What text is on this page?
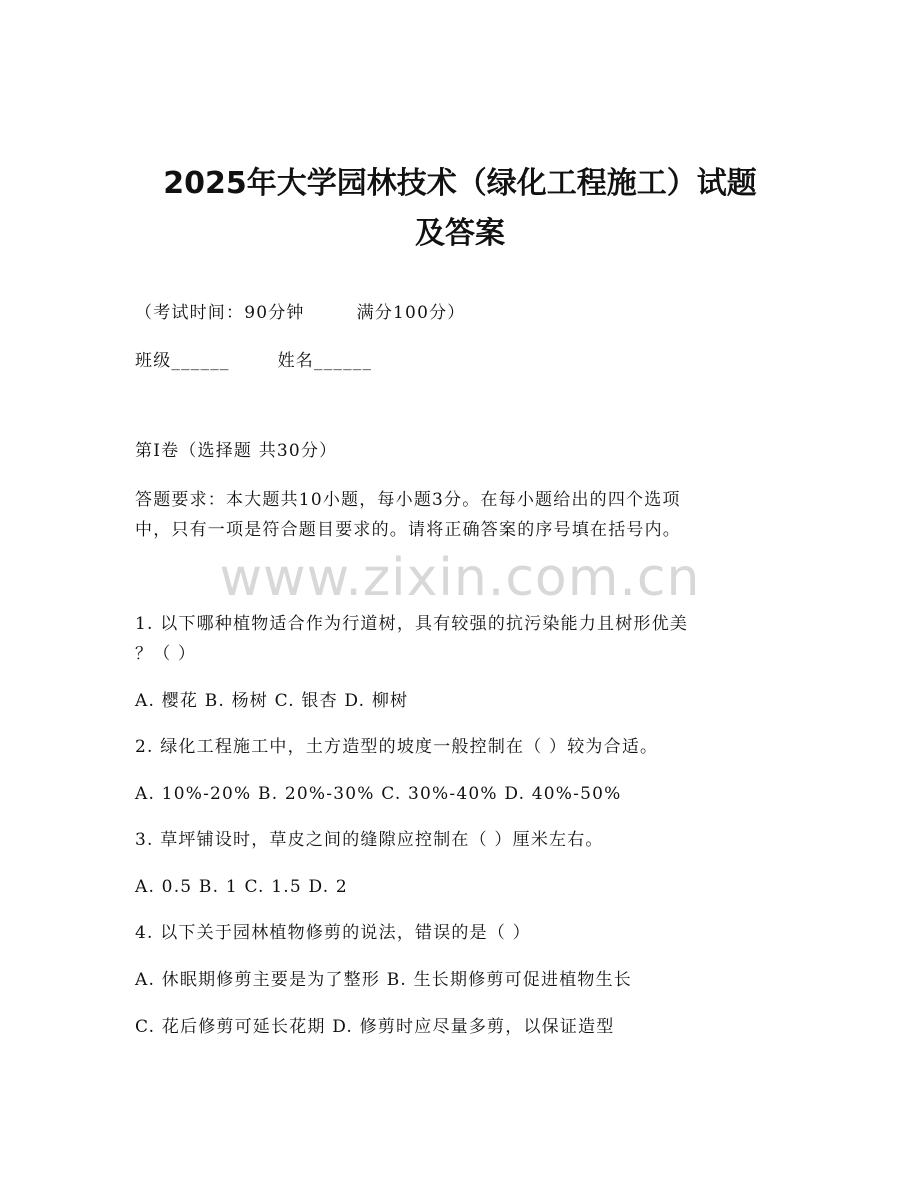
2025年大学园林技术（绿化工程施工）试题
及答案
（考试时间：90分钟	满分100分）
班级______	姓名______
第I卷（选择题 共30分）
答题要求：本大题共10小题，每小题3分。在每小题给出的四个选项
中，只有一项是符合题目要求的。请将正确答案的序号填在括号内。
www.zixin.com.cn
1. 以下哪种植物适合作为行道树，具有较强的抗污染能力且树形优美
？（ ）
A. 樱花 B. 杨树 C. 银杏 D. 柳树
2. 绿化工程施工中，土方造型的坡度一般控制在（ ）较为合适。
A. 10%-20% B. 20%-30% C. 30%-40% D. 40%-50%
3. 草坪铺设时，草皮之间的缝隙应控制在（ ）厘米左右。
A. 0.5 B. 1 C. 1.5 D. 2
4. 以下关于园林植物修剪的说法，错误的是（ ）
A. 休眠期修剪主要是为了整形 B. 生长期修剪可促进植物生长
C. 花后修剪可延长花期 D. 修剪时应尽量多剪，以保证造型
